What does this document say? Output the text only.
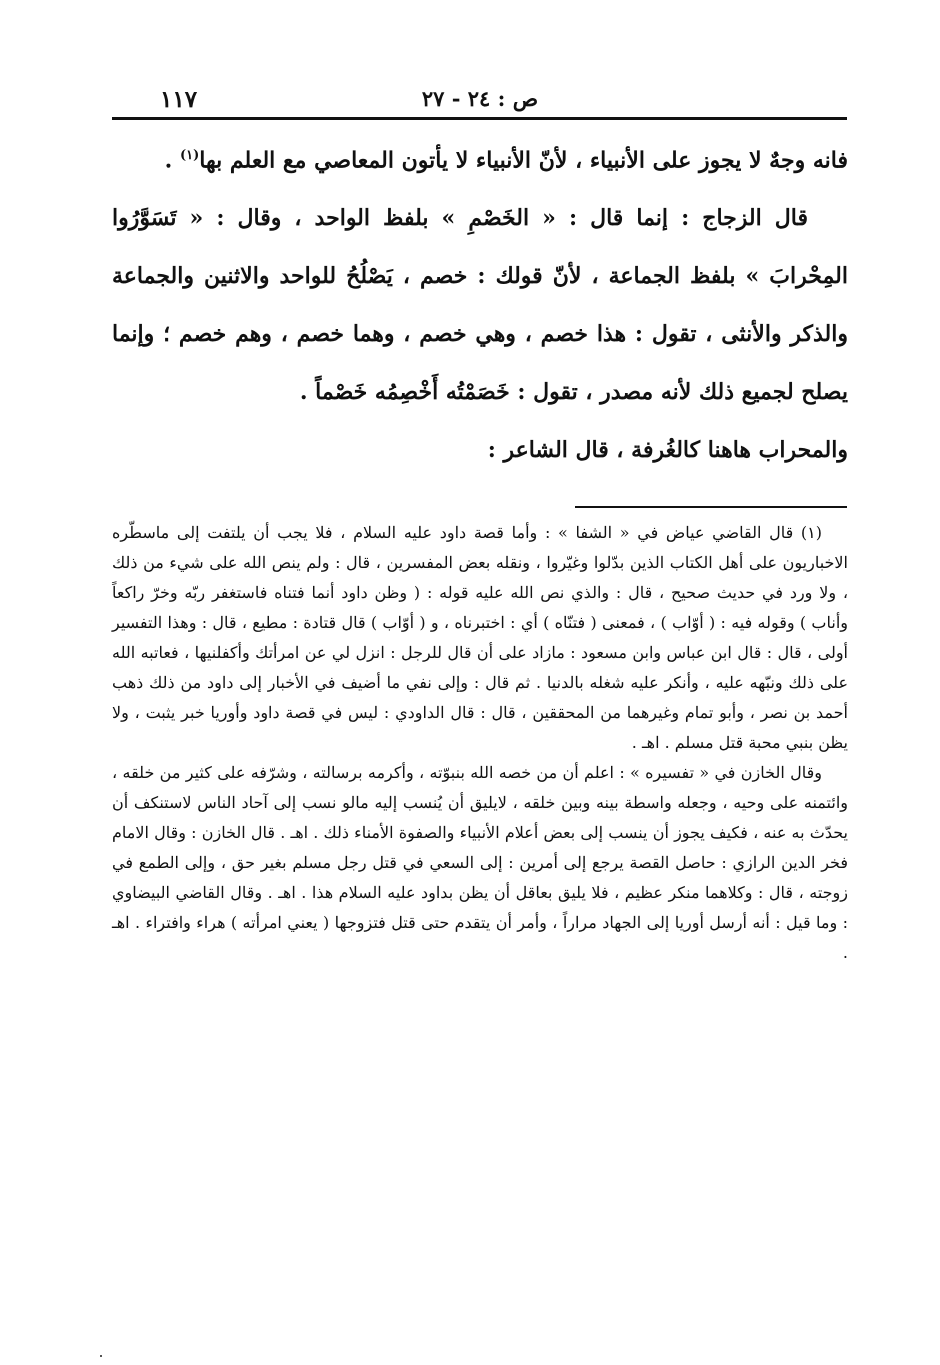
ص : ٢٤ - ٢٧
١١٧

فانه وجهٌ لا يجوز على الأنبياء ، لأنّ الأنبياء لا يأتون المعاصي مع العلم بها$^{(١)}$ .

قال الزجاج : إنما قال : « الخَصْمِ » بلفظ الواحد ، وقال : « تَسَوَّرُوا المِحْرابَ » بلفظ الجماعة ، لأنّ قولك : خصم ، يَصْلُحُ للواحد والاثنين والجماعة والذكر والأنثى ، تقول : هذا خصم ، وهي خصم ، وهما خصم ، وهم خصم ؛ وإنما يصلح لجميع ذلك لأنه مصدر ، تقول : خَصَمْتُه أَخْصِمُه خَصْماً .

والمحراب هاهنا كالغُرفة ، قال الشاعر :

(١) قال القاضي عياض في « الشفا » : وأما قصة داود عليه السلام ، فلا يجب أن يلتفت إلى ماسطّره الاخباريون على أهل الكتاب الذين بدّلوا وغيّروا ، ونقله بعض المفسرين ، قال : ولم ينص الله على شيء من ذلك ، ولا ورد في حديث صحيح ، قال : والذي نص الله عليه قوله : ( وظن داود أنما فتناه فاستغفر ربّه وخرّ راكعاً وأناب ) وقوله فيه : ( أوّاب ) ، فمعنى ( فتنّاه ) أي : اختبرناه ، و ( أوّاب ) قال قتادة : مطيع ، قال : وهذا التفسير أولى ، قال : قال ابن عباس وابن مسعود : مازاد على أن قال للرجل : انزل لي عن امرأتك وأكفلنيها ، فعاتبه الله على ذلك ونبّهه عليه ، وأنكر عليه شغله بالدنيا . ثم قال : وإلى نفي ما أضيف في الأخبار إلى داود من ذلك ذهب أحمد بن نصر ، وأبو تمام وغيرهما من المحققين ، قال : قال الداودي : ليس في قصة داود وأوريا خبر يثبت ، ولا يظن بنبي محبة قتل مسلم . اهـ .

وقال الخازن في « تفسيره » : اعلم أن من خصه الله بنبوّته ، وأكرمه برسالته ، وشرّفه على كثير من خلقه ، وائتمنه على وحيه ، وجعله واسطة بينه وبين خلقه ، لايليق أن يُنسب إليه مالو نسب إلى آحاد الناس لاستنكف أن يحدّث به عنه ، فكيف يجوز أن ينسب إلى بعض أعلام الأنبياء والصفوة الأمناء ذلك . اهـ . قال الخازن : وقال الامام فخر الدين الرازي : حاصل القصة يرجع إلى أمرين : إلى السعي في قتل رجل مسلم بغير حق ، وإلى الطمع في زوجته ، قال : وكلاهما منكر عظيم ، فلا يليق بعاقل أن يظن بداود عليه السلام هذا . اهـ . وقال القاضي البيضاوي : وما قيل : أنه أرسل أوريا إلى الجهاد مراراً ، وأمر أن يتقدم حتى قتل فتزوجها ( يعني امرأته ) هراء وافتراء . اهـ .
